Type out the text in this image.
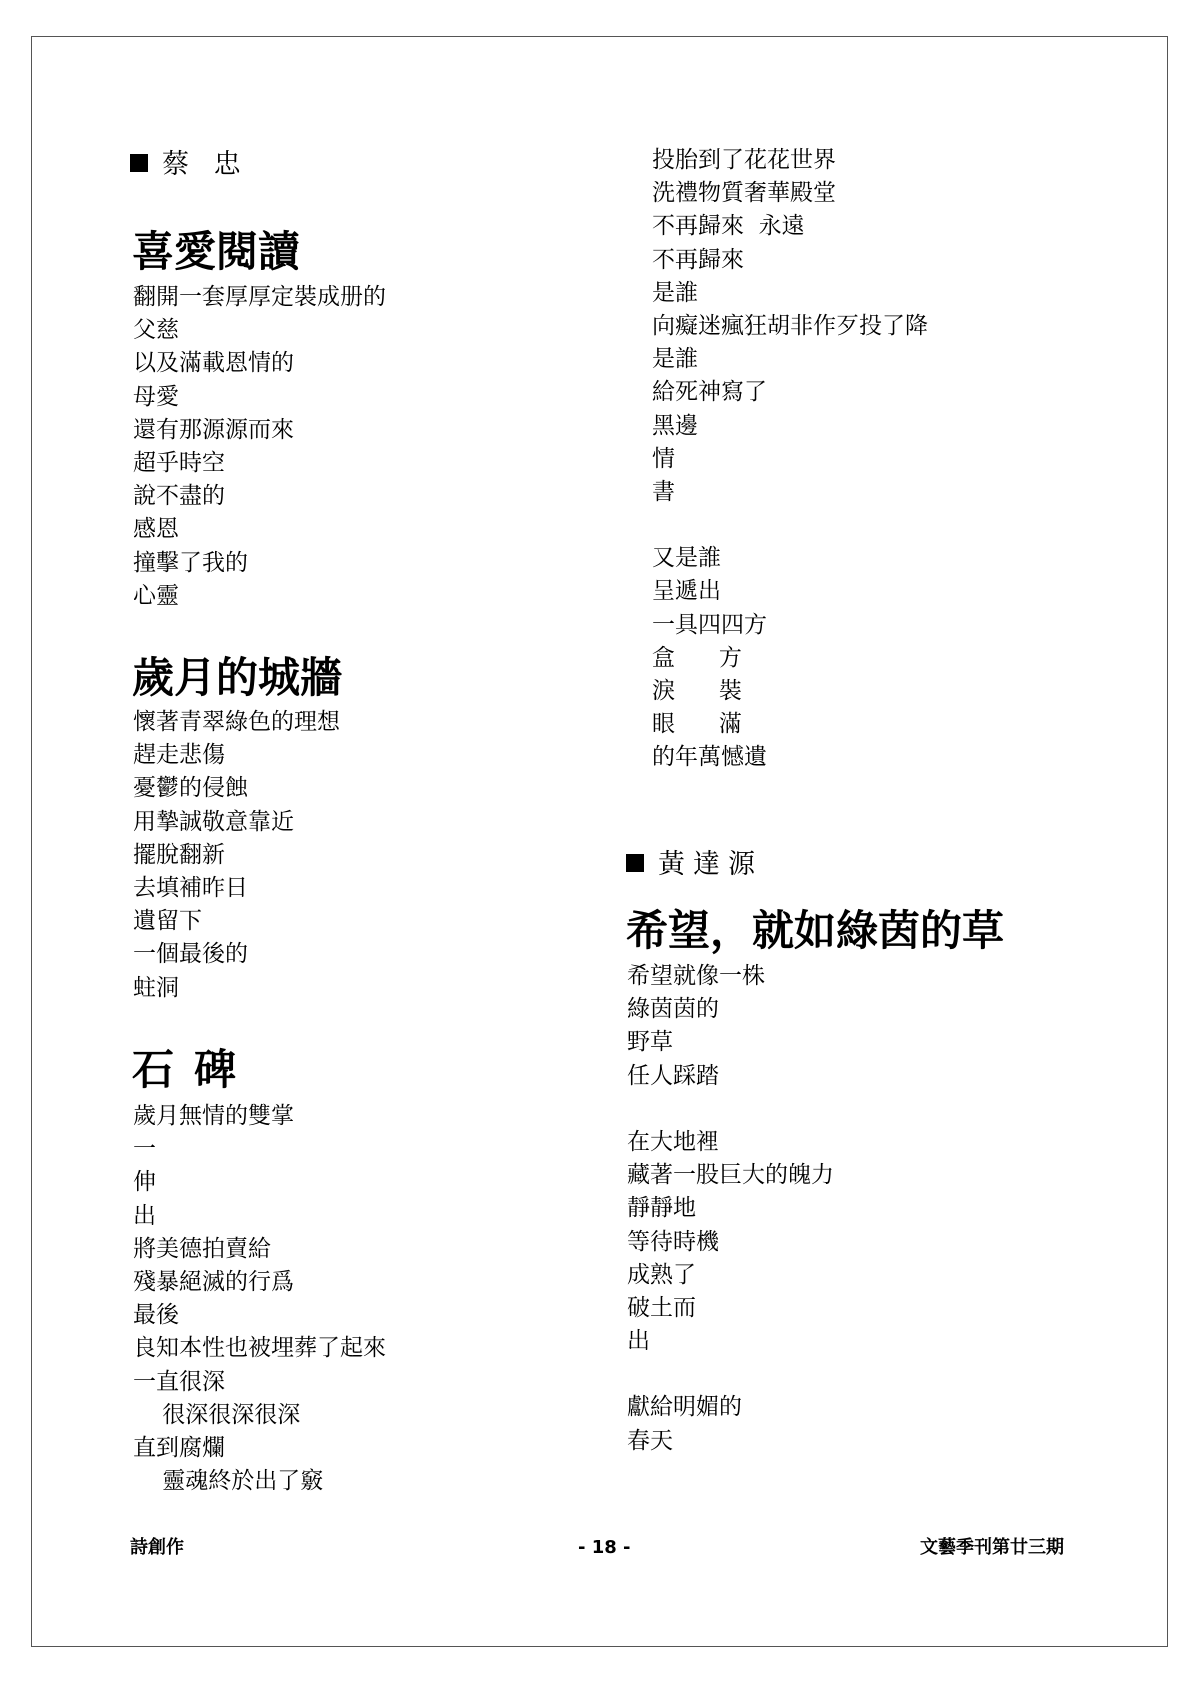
蔡 忠
喜愛閱讀
翻開一套厚厚定裝成册的
父慈
以及滿載恩情的
母愛
還有那源源而來
超乎時空
說不盡的
感恩
撞擊了我的
心靈
歲月的城牆
懷著青翠綠色的理想
趕走悲傷
憂鬱的侵蝕
用摯誠敬意靠近
擺脫翻新
去填補昨日
遺留下
一個最後的
蛀洞
石碑
歲月無情的雙掌
一
伸
出
將美德拍賣給
殘暴絕滅的行爲
最後
良知本性也被埋葬了起來
一直很深
很深很深很深
直到腐爛
靈魂終於出了竅
投胎到了花花世界
洗禮物質奢華殿堂
不再歸來  永遠
不再歸來
是誰
向癡迷瘋狂胡非作歹投了降
是誰
給死神寫了
黑邊
情
書
又是誰
呈遞出
一具四四方
盒      方
淚      裝
眼      滿
的年萬憾遺
黃達源
希望，就如綠茵的草
希望就像一株
綠茵茵的
野草
任人踩踏
在大地裡
藏著一股巨大的魄力
靜靜地
等待時機
成熟了
破土而
出
獻給明媚的
春天
詩創作	- 18 -	文藝季刊第廿三期
